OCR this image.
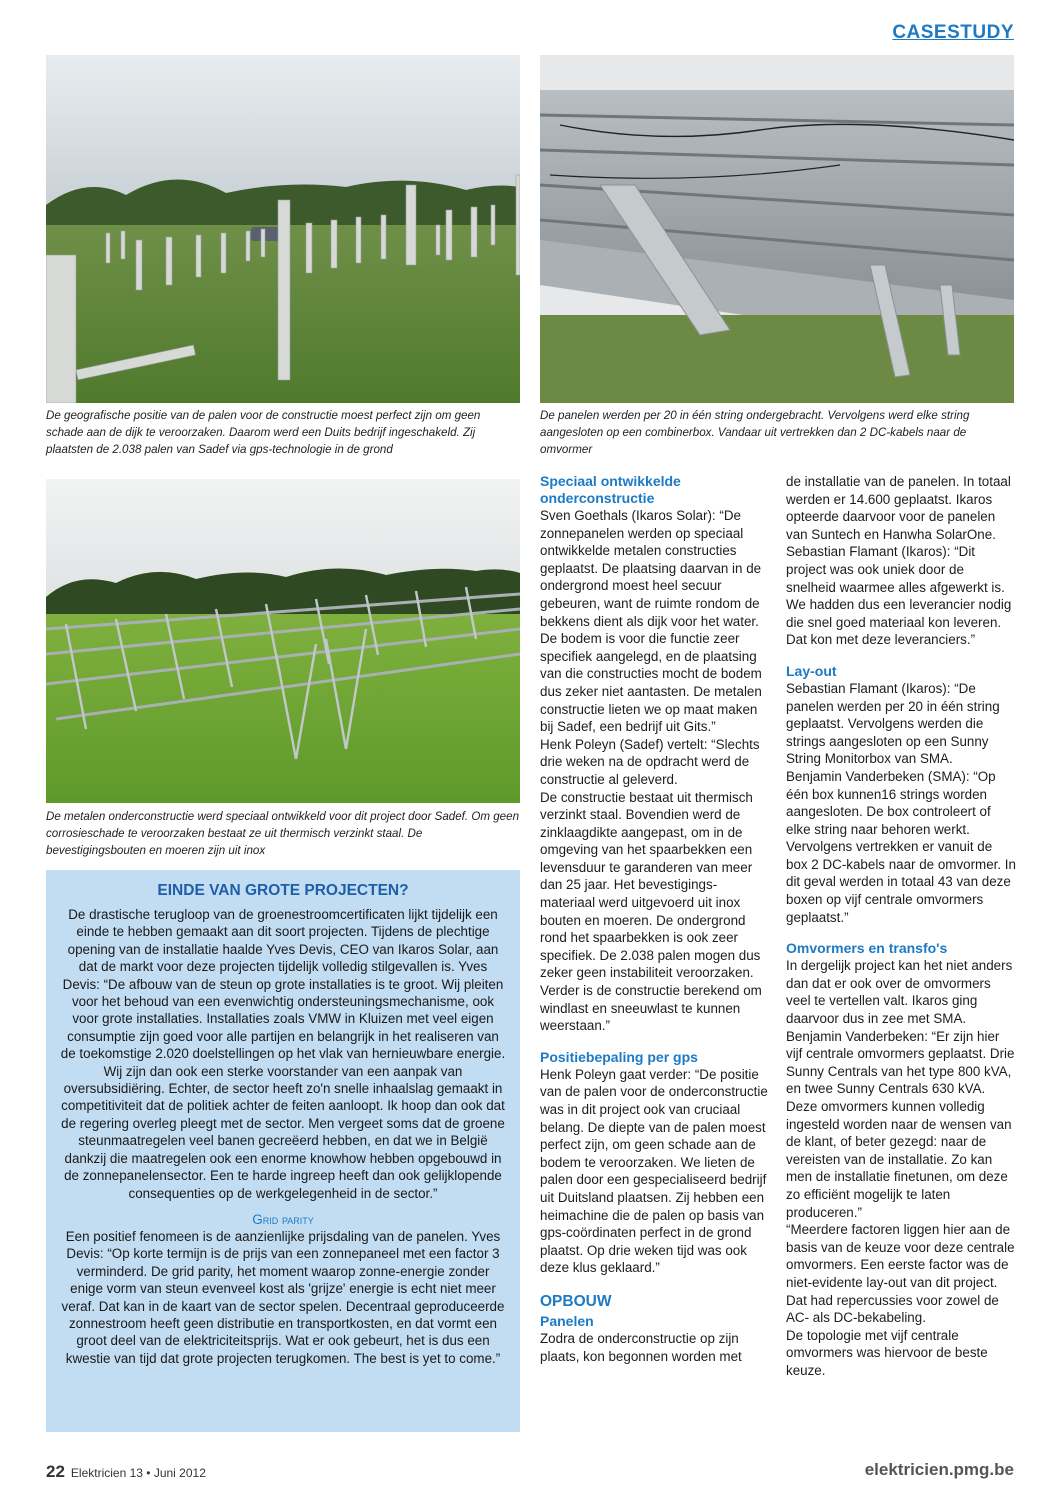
CASESTUDY
De geografische positie van de palen voor de constructie moest perfect zijn om geen schade aan de dijk te veroorzaken. Daarom werd een Duits bedrijf ingeschakeld. Zij plaatsten de 2.038 palen van Sadef via gps-technologie in de grond
De panelen werden per 20 in één string ondergebracht. Vervolgens werd elke string aangesloten op een combinerbox. Vandaar uit vertrekken dan 2 DC-kabels naar de omvormer
De metalen onderconstructie werd speciaal ontwikkeld voor dit project door Sadef. Om geen corrosieschade te veroorzaken bestaat ze uit thermisch verzinkt staal. De bevestigingsbouten en moeren zijn uit inox
EINDE VAN GROTE PROJECTEN?

De drastische terugloop van de groenestroomcertificaten lijkt tijdelijk een einde te hebben gemaakt aan dit soort projecten. Tijdens de plechtige opening van de installatie haalde Yves Devis, CEO van Ikaros Solar, aan dat de markt voor deze projecten tijdelijk volledig stilgevallen is. Yves Devis: “De afbouw van de steun op grote installaties is te groot. Wij pleiten voor het behoud van een evenwichtig ondersteuningsmechanisme, ook voor grote installaties. Installaties zoals VMW in Kluizen met veel eigen consumptie zijn goed voor alle partijen en belangrijk in het realiseren van de toekomstige 2.020 doelstellingen op het vlak van hernieuwbare energie. Wij zijn dan ook een sterke voorstander van een aanpak van oversubsidiëring. Echter, de sector heeft zo'n snelle inhaalslag gemaakt in competitiviteit dat de politiek achter de feiten aanloopt. Ik hoop dan ook dat de regering overleg pleegt met de sector. Men vergeet soms dat de groene steunmaatregelen veel banen gecreëerd hebben, en dat we in België dankzij die maatregelen ook een enorme knowhow hebben opgebouwd in de zonnepanelensector. Een te harde ingreep heeft dan ook gelijklopende consequenties op de werkgelegenheid in de sector.”

Grid parity

Een positief fenomeen is de aanzienlijke prijsdaling van de panelen. Yves Devis: “Op korte termijn is de prijs van een zonnepaneel met een factor 3 verminderd. De grid parity, het moment waarop zonne-energie zonder enige vorm van steun evenveel kost als 'grijze' energie is echt niet meer veraf. Dat kan in de kaart van de sector spelen. Decentraal geproduceerde zonnestroom heeft geen distributie en transportkosten, en dat vormt een groot deel van de elektriciteitsprijs. Wat er ook gebeurt, het is dus een kwestie van tijd dat grote projecten terugkomen. The best is yet to come.”

Speciaal ontwikkelde onderconstructie

Sven Goethals (Ikaros Solar): “De zonnepanelen werden op speciaal ontwikkelde metalen constructies geplaatst. De plaatsing daarvan in de ondergrond moest heel secuur gebeuren, want de ruimte rondom de bekkens dient als dijk voor het water. De bodem is voor die functie zeer specifiek aangelegd, en de plaatsing van die constructies mocht de bodem dus zeker niet aantasten. De metalen constructie lieten we op maat maken bij Sadef, een bedrijf uit Gits.”

Henk Poleyn (Sadef) vertelt: “Slechts drie weken na de opdracht werd de constructie al geleverd.

De constructie bestaat uit thermisch verzinkt staal. Bovendien werd de zinklaagdikte aangepast, om in de omgeving van het spaarbekken een levensduur te garanderen van meer dan 25 jaar. Het bevestigings-materiaal werd uitgevoerd uit inox bouten en moeren. De ondergrond rond het spaarbekken is ook zeer specifiek. De 2.038 palen mogen dus zeker geen instabiliteit veroorzaken.

Verder is de constructie berekend om windlast en sneeuwlast te kunnen weerstaan.”

Positiebepaling per gps

Henk Poleyn gaat verder: “De positie van de palen voor de onderconstructie was in dit project ook van cruciaal belang. De diepte van de palen moest perfect zijn, om geen schade aan de bodem te veroorzaken. We lieten de palen door een gespecialiseerd bedrijf uit Duitsland plaatsen. Zij hebben een heimachine die de palen op basis van gps-coördinaten perfect in de grond plaatst. Op drie weken tijd was ook deze klus geklaard.”

OPBOUW
Panelen

Zodra de onderconstructie op zijn plaats, kon begonnen worden met

de installatie van de panelen. In totaal werden er 14.600 geplaatst. Ikaros opteerde daarvoor voor de panelen van Suntech en Hanwha SolarOne. Sebastian Flamant (Ikaros): “Dit project was ook uniek door de snelheid waarmee alles afgewerkt is. We hadden dus een leverancier nodig die snel goed materiaal kon leveren. Dat kon met deze leveranciers.”

Lay-out

Sebastian Flamant (Ikaros): “De panelen werden per 20 in één string geplaatst. Vervolgens werden die strings aangesloten op een Sunny String Monitorbox van SMA.

Benjamin Vanderbeken (SMA): “Op één box kunnen16 strings worden aangesloten. De box controleert of elke string naar behoren werkt. Vervolgens vertrekken er vanuit de box 2 DC-kabels naar de omvormer. In dit geval werden in totaal 43 van deze boxen op vijf centrale omvormers geplaatst.”

Omvormers en transfo's

In dergelijk project kan het niet anders dan dat er ook over de omvormers veel te vertellen valt. Ikaros ging daarvoor dus in zee met SMA.

Benjamin Vanderbeken: “Er zijn hier vijf centrale omvormers geplaatst. Drie Sunny Centrals van het type 800 kVA, en twee Sunny Centrals 630 kVA. Deze omvormers kunnen volledig ingesteld worden naar de wensen van de klant, of beter gezegd: naar de vereisten van de installatie. Zo kan men de installatie finetunen, om deze zo efficiënt mogelijk te laten produceren.”

“Meerdere factoren liggen hier aan de basis van de keuze voor deze centrale omvormers. Een eerste factor was de niet-evidente lay-out van dit project. Dat had repercussies voor zowel de AC- als DC-bekabeling.

De topologie met vijf centrale omvormers was hiervoor de beste keuze.

22 Elektricien 13 • Juni 2012	elektricien.pmg.be
